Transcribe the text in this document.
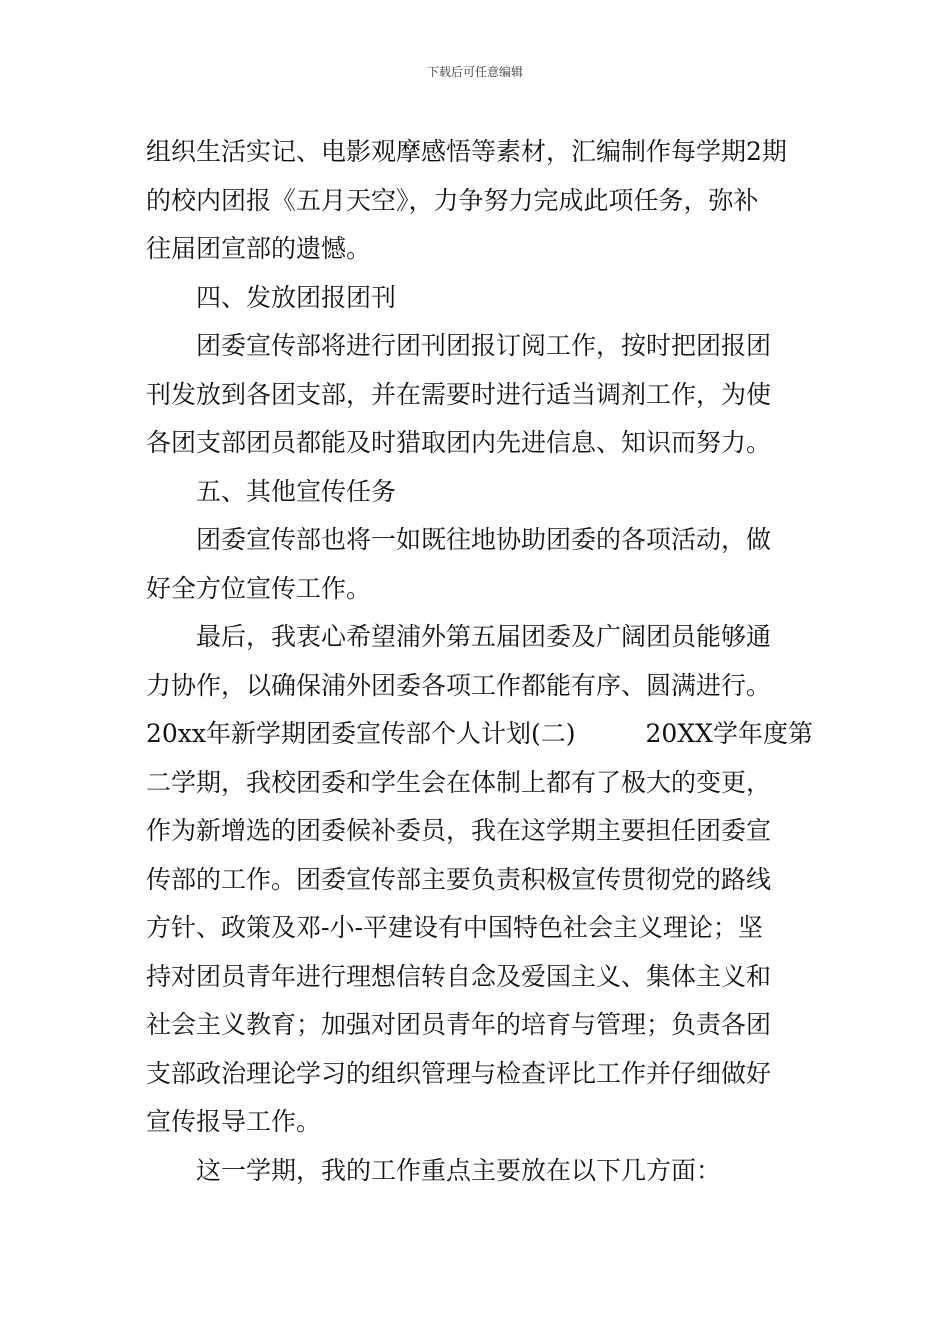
下载后可任意编辑
组织生活实记、电影观摩感悟等素材，汇编制作每学期2期
的校内团报《五月天空》，力争努力完成此项任务，弥补
往届团宣部的遗憾。
四、发放团报团刊
团委宣传部将进行团刊团报订阅工作，按时把团报团
刊发放到各团支部，并在需要时进行适当调剂工作，为使
各团支部团员都能及时猎取团内先进信息、知识而努力。
五、其他宣传任务
团委宣传部也将一如既往地协助团委的各项活动，做
好全方位宣传工作。
最后，我衷心希望浦外第五届团委及广阔团员能够通
力协作，以确保浦外团委各项工作都能有序、圆满进行。
20xx年新学期团委宣传部个人计划(二)	20XX学年度第
二学期，我校团委和学生会在体制上都有了极大的变更，
作为新增选的团委候补委员，我在这学期主要担任团委宣
传部的工作。团委宣传部主要负责积极宣传贯彻党的路线
方针、政策及邓-小-平建设有中国特色社会主义理论；坚
持对团员青年进行理想信转自念及爱国主义、集体主义和
社会主义教育；加强对团员青年的培育与管理；负责各团
支部政治理论学习的组织管理与检查评比工作并仔细做好
宣传报导工作。
这一学期，我的工作重点主要放在以下几方面：
